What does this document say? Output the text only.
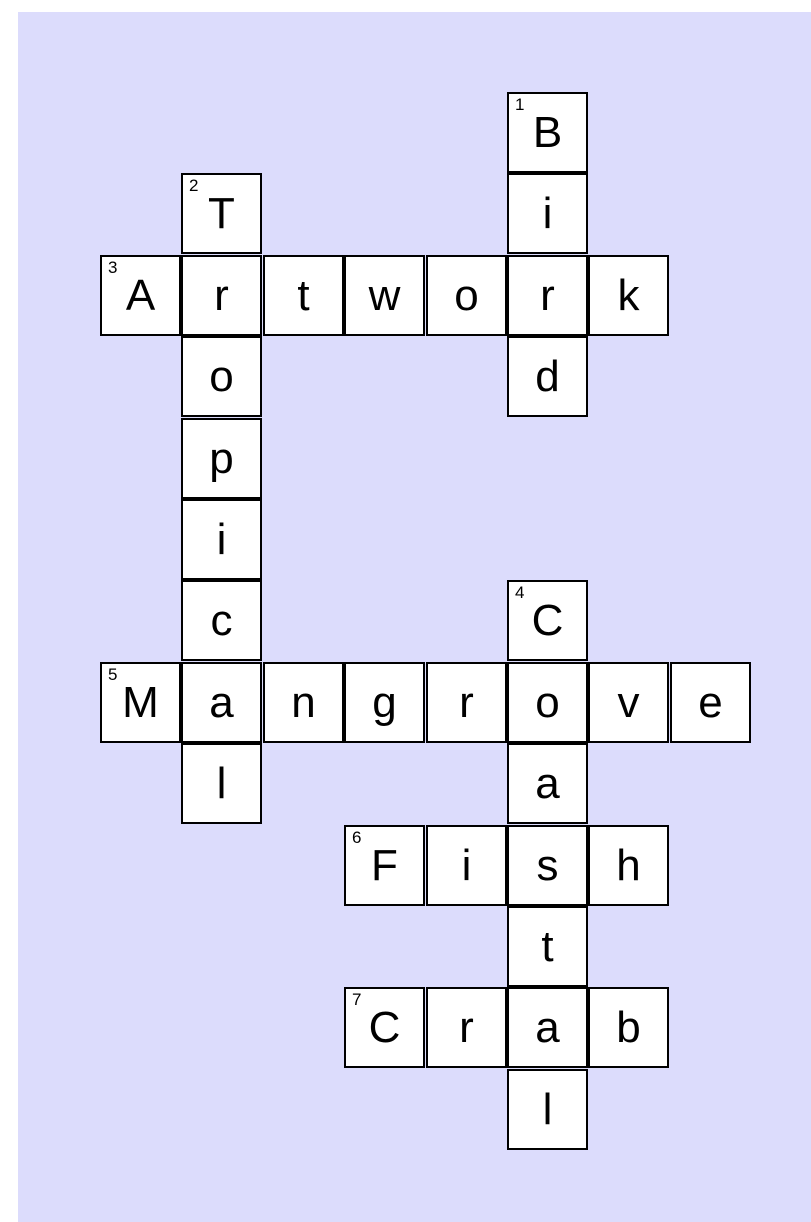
B
1
i
r
d
T
2
r
o
p
i
c
a
l
A
3
t	w	o	k
C
4
o
a
s
t
a
l
M
5
n	g	r	v	e
F
6
i	h
C
7
r	b
